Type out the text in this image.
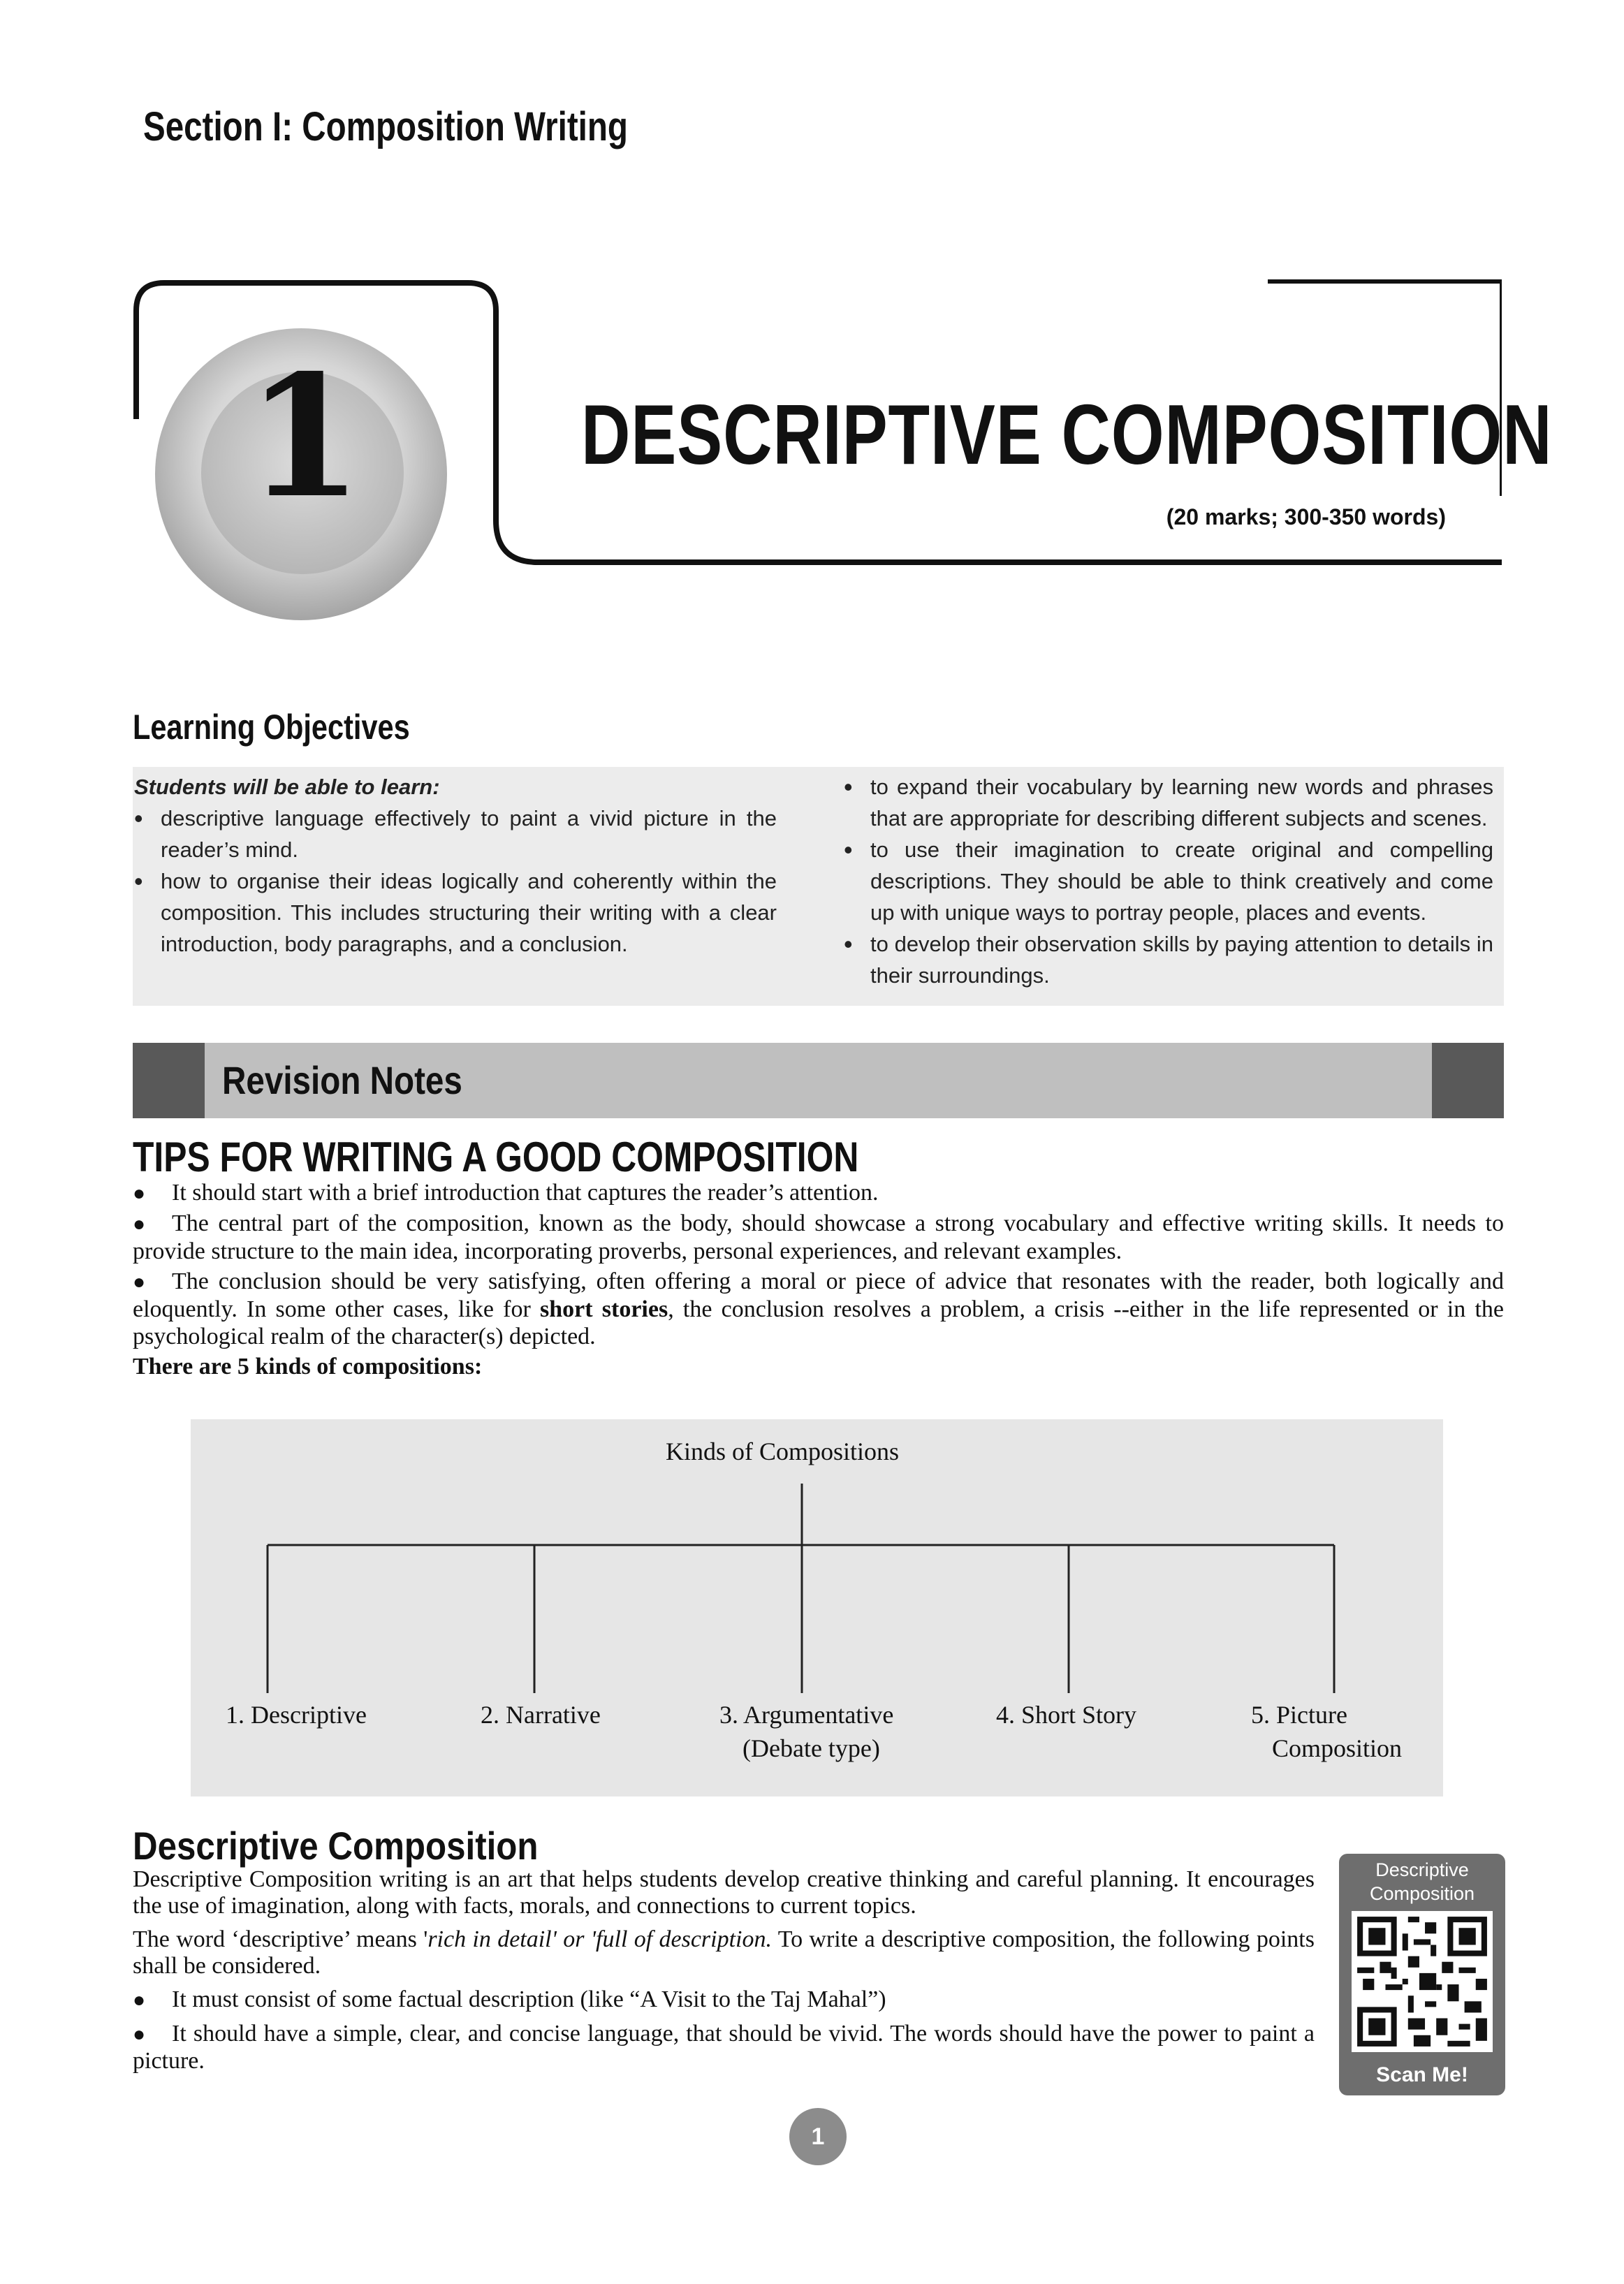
Section I: Composition Writing
1	DESCRIPTIVE COMPOSITION
(20 marks; 300-350 words)
Learning Objectives
Students will be able to learn:
• descriptive language effectively to paint a vivid picture in the reader’s mind.
• how to organise their ideas logically and coherently within the composition. This includes structuring their writing with a clear introduction, body paragraphs, and a conclusion.
• to expand their vocabulary by learning new words and phrases that are appropriate for describing different subjects and scenes.
• to use their imagination to create original and compelling descriptions. They should be able to think creatively and come up with unique ways to portray people, places and events.
• to develop their observation skills by paying attention to details in their surroundings.
Revision Notes
TIPS FOR WRITING A GOOD COMPOSITION

● It should start with a brief introduction that captures the reader’s attention.

● The central part of the composition, known as the body, should showcase a strong vocabulary and effective writing skills. It needs to provide structure to the main idea, incorporating proverbs, personal experiences, and relevant examples.

● The conclusion should be very satisfying, often offering a moral or piece of advice that resonates with the reader, both logically and eloquently. In some other cases, like for short stories, the conclusion resolves a problem, a crisis --either in the life represented or in the psychological realm of the character(s) depicted.

There are 5 kinds of compositions:

Kinds of Compositions
1. Descriptive	2. Narrative	3. Argumentative
(Debate type)
4. Short Story	5. Picture
Composition
Descriptive Composition

Descriptive Composition writing is an art that helps students develop creative thinking and careful planning. It encourages the use of imagination, along with facts, morals, and connections to current topics.

The word ‘descriptive’ means 'rich in detail' or 'full of description. To write a descriptive composition, the following points shall be considered.

● It must consist of some factual description (like “A Visit to the Taj Mahal”)

● It should have a simple, clear, and concise language, that should be vivid. The words should have the power to paint a picture.

Descriptive
Composition
Scan Me!
1
